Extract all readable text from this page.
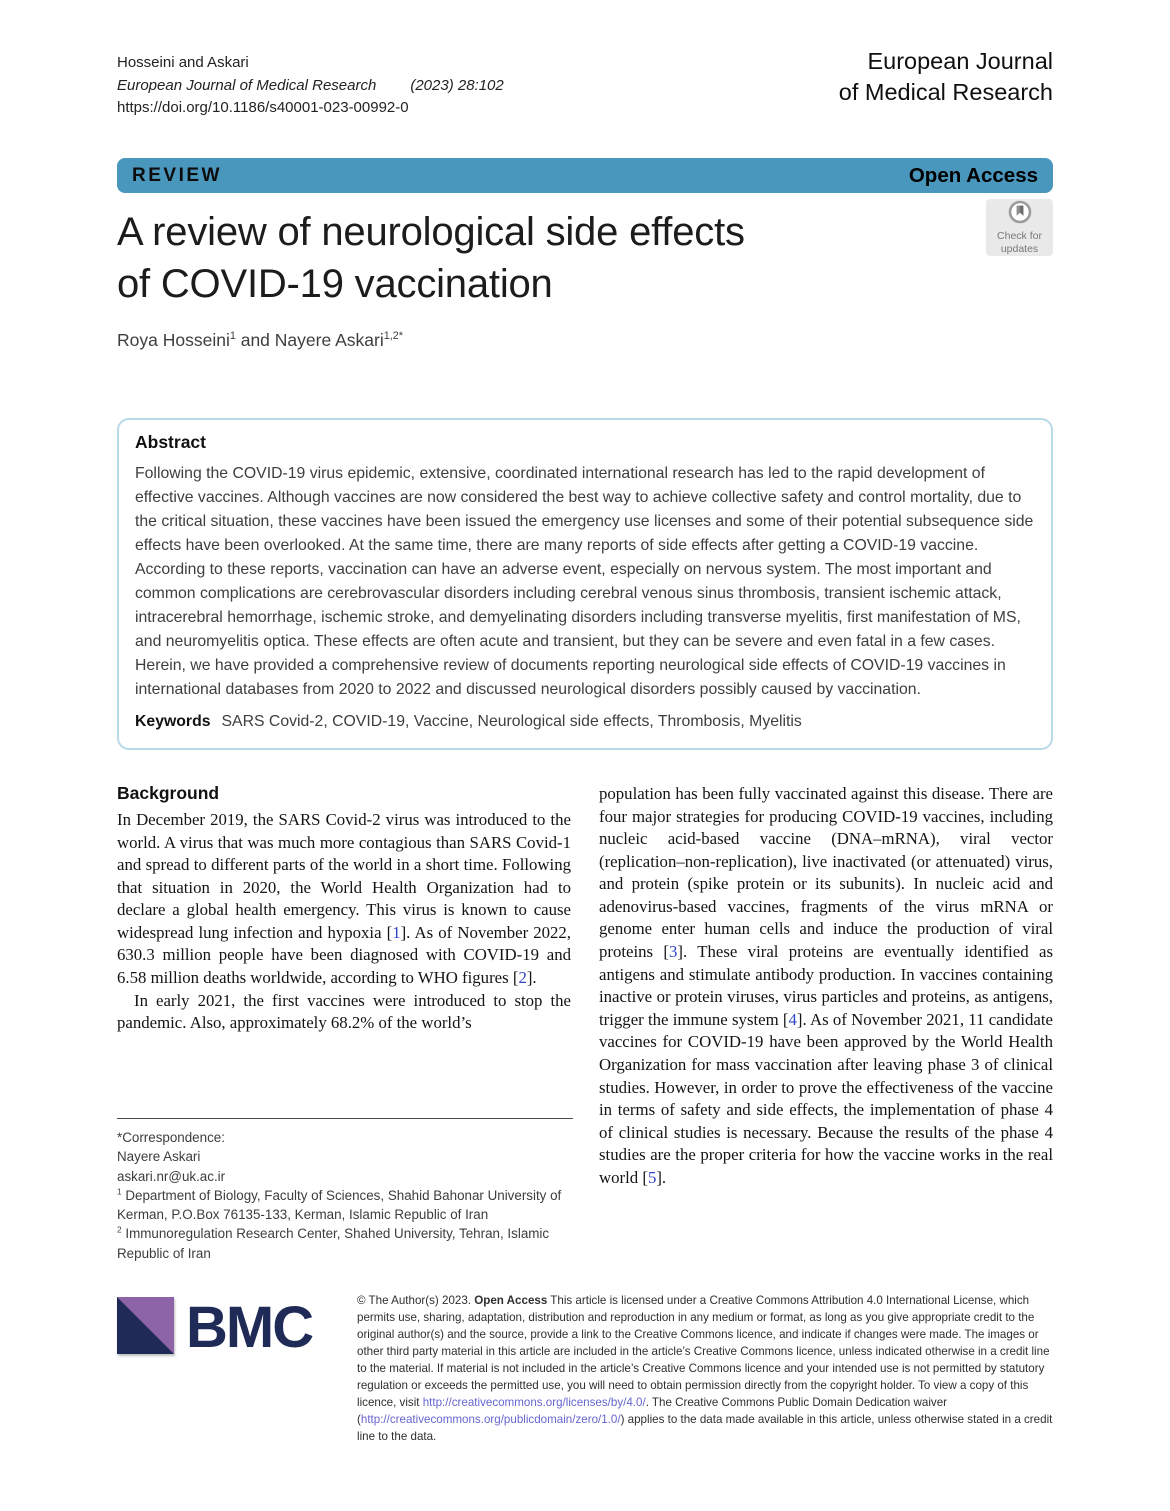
Hosseini and Askari
European Journal of Medical Research (2023) 28:102
https://doi.org/10.1186/s40001-023-00992-0
European Journal
of Medical Research
REVIEW	Open Access
Check for
updates
A review of neurological side effects
of COVID-19 vaccination
Roya Hosseini$^1$ and Nayere Askari$^{1,2*}$
Abstract

Following the COVID-19 virus epidemic, extensive, coordinated international research has led to the rapid development of effective vaccines. Although vaccines are now considered the best way to achieve collective safety and control mortality, due to the critical situation, these vaccines have been issued the emergency use licenses and some of their potential subsequence side effects have been overlooked. At the same time, there are many reports of side effects after getting a COVID-19 vaccine. According to these reports, vaccination can have an adverse event, especially on nervous system. The most important and common complications are cerebrovascular disorders including cerebral venous sinus thrombosis, transient ischemic attack, intracerebral hemorrhage, ischemic stroke, and demyelinating disorders including transverse myelitis, first manifestation of MS, and neuromyelitis optica. These effects are often acute and transient, but they can be severe and even fatal in a few cases. Herein, we have provided a comprehensive review of documents reporting neurological side effects of COVID-19 vaccines in international databases from 2020 to 2022 and discussed neurological disorders possibly caused by vaccination.

Keywords SARS Covid-2, COVID-19, Vaccine, Neurological side effects, Thrombosis, Myelitis

Background

In December 2019, the SARS Covid-2 virus was introduced to the world. A virus that was much more contagious than SARS Covid-1 and spread to different parts of the world in a short time. Following that situation in 2020, the World Health Organization had to declare a global health emergency. This virus is known to cause widespread lung infection and hypoxia [1]. As of November 2022, 630.3 million people have been diagnosed with COVID-19 and 6.58 million deaths worldwide, according to WHO figures [2].

In early 2021, the first vaccines were introduced to stop the pandemic. Also, approximately 68.2% of the world’s

population has been fully vaccinated against this disease. There are four major strategies for producing COVID-19 vaccines, including nucleic acid-based vaccine (DNA–mRNA), viral vector (replication–non-replication), live inactivated (or attenuated) virus, and protein (spike protein or its subunits). In nucleic acid and adenovirus-based vaccines, fragments of the virus mRNA or genome enter human cells and induce the production of viral proteins [3]. These viral proteins are eventually identified as antigens and stimulate antibody production. In vaccines containing inactive or protein viruses, virus particles and proteins, as antigens, trigger the immune system [4]. As of November 2021, 11 candidate vaccines for COVID-19 have been approved by the World Health Organization for mass vaccination after leaving phase 3 of clinical studies. However, in order to prove the effectiveness of the vaccine in terms of safety and side effects, the implementation of phase 4 of clinical studies is necessary. Because the results of the phase 4 studies are the proper criteria for how the vaccine works in the real world [5].

*Correspondence:
Nayere Askari
askari.nr@uk.ac.ir
$^1$ Department of Biology, Faculty of Sciences, Shahid Bahonar University of Kerman, P.O.Box 76135-133, Kerman, Islamic Republic of Iran
$^2$ Immunoregulation Research Center, Shahed University, Tehran, Islamic Republic of Iran
BMC	© The Author(s) 2023. Open Access This article is licensed under a Creative Commons Attribution 4.0 International License, which permits use, sharing, adaptation, distribution and reproduction in any medium or format, as long as you give appropriate credit to the original author(s) and the source, provide a link to the Creative Commons licence, and indicate if changes were made. The images or other third party material in this article are included in the article’s Creative Commons licence, unless indicated otherwise in a credit line to the material. If material is not included in the article’s Creative Commons licence and your intended use is not permitted by statutory regulation or exceeds the permitted use, you will need to obtain permission directly from the copyright holder. To view a copy of this licence, visit http://creativecommons.org/licenses/by/4.0/. The Creative Commons Public Domain Dedication waiver (http://creativecommons.org/publicdomain/zero/1.0/) applies to the data made available in this article, unless otherwise stated in a credit line to the data.
